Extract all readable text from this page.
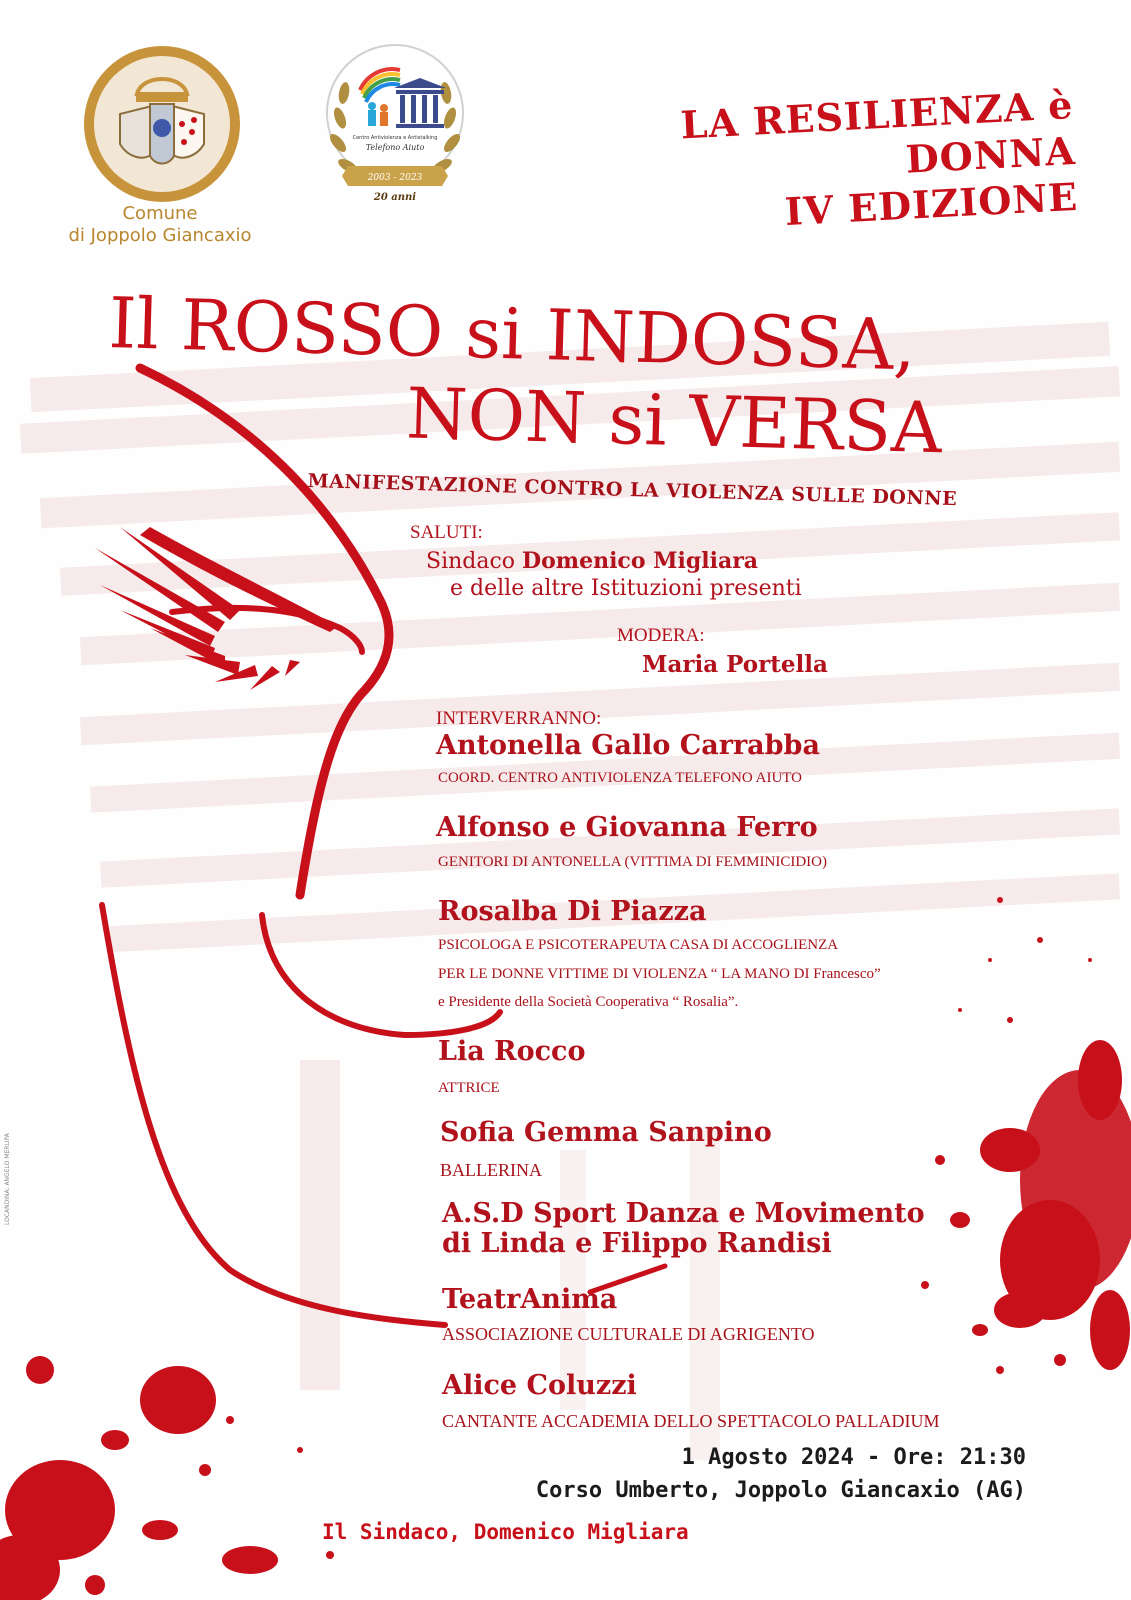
Comune
di Joppolo Giancaxio
Centro Antiviolenza e Antistalking
Telefono Aiuto
2003 - 2023
20 anni
LA RESILIENZA è DONNA
IV EDIZIONE
Il ROSSO si INDOSSA,
NON si VERSA
MANIFESTAZIONE CONTRO LA VIOLENZA SULLE DONNE
SALUTI:
Sindaco Domenico Migliara
e delle altre Istituzioni presenti
MODERA:
Maria Portella
INTERVERRANNO:
Antonella Gallo Carrabba
COORD. CENTRO ANTIVIOLENZA TELEFONO AIUTO
Alfonso e Giovanna Ferro
GENITORI DI ANTONELLA (VITTIMA DI FEMMINICIDIO)
Rosalba Di Piazza
PSICOLOGA E PSICOTERAPEUTA CASA DI ACCOGLIENZA
PER LE DONNE VITTIME DI VIOLENZA “ LA MANO DI Francesco”
e Presidente della Società Cooperativa “ Rosalia”.
Lia Rocco
ATTRICE
Sofia Gemma Sanpino
BALLERINA
A.S.D Sport Danza e Movimento
di Linda e Filippo Randisi
TeatrAnima
ASSOCIAZIONE CULTURALE DI AGRIGENTO
Alice Coluzzi
CANTANTE ACCADEMIA DELLO SPETTACOLO PALLADIUM
1 Agosto 2024 - Ore: 21:30
Corso Umberto, Joppolo Giancaxio (AG)
Il Sindaco, Domenico Migliara
LOCANDINA: ANGELO MERLIPA
